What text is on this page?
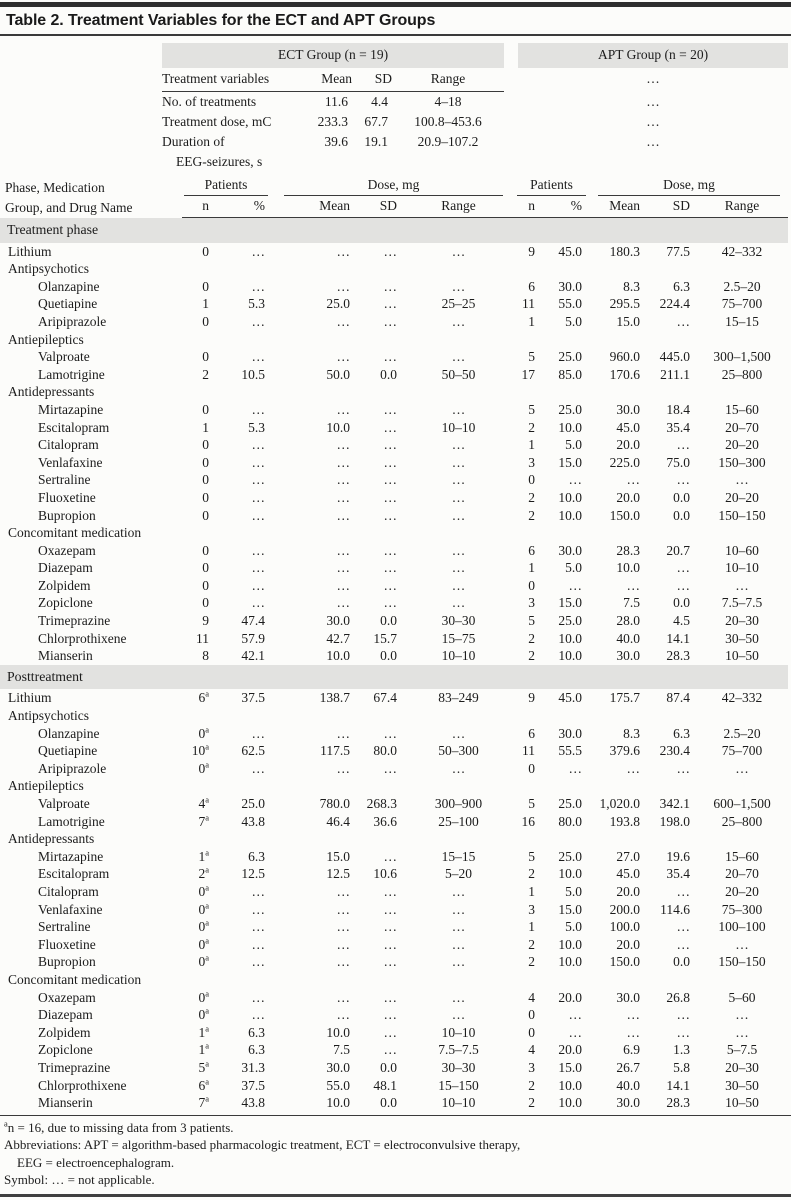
Table 2. Treatment Variables for the ECT and APT Groups
ECT Group (n = 19)					APT Group (n = 20)
Treatment variables	Mean	SD	Range		…
No. of treatments	11.6	4.4	4–18		…
Treatment dose, mC	233.3	67.7	100.8–453.6		…

Duration of
EEG-seizures, s	39.6	19.1	20.9–107.2		…
Phase, Medication
Group, and Drug Name	Patients		Dose, mg			Patients		Dose, mg		

	n	%	Mean	SD	Range	n	%	Mean	SD	Range
Treatment phase										
Lithium	0	…	…	…	…	9	45.0	180.3	77.5	42–332
Antipsychotics										
Olanzapine	0	…	…	…	…	6	30.0	8.3	6.3	2.5–20
Quetiapine	1	5.3	25.0	…	25–25	11	55.0	295.5	224.4	75–700
Aripiprazole	0	…	…	…	…	1	5.0	15.0	…	15–15
Antiepileptics										
Valproate	0	…	…	…	…	5	25.0	960.0	445.0	300–1,500
Lamotrigine	2	10.5	50.0	0.0	50–50	17	85.0	170.6	211.1	25–800
Antidepressants										
Mirtazapine	0	…	…	…	…	5	25.0	30.0	18.4	15–60
Escitalopram	1	5.3	10.0	…	10–10	2	10.0	45.0	35.4	20–70
Citalopram	0	…	…	…	…	1	5.0	20.0	…	20–20
Venlafaxine	0	…	…	…	…	3	15.0	225.0	75.0	150–300
Sertraline	0	…	…	…	…	0	…	…	…	…
Fluoxetine	0	…	…	…	…	2	10.0	20.0	0.0	20–20
Bupropion	0	…	…	…	…	2	10.0	150.0	0.0	150–150
Concomitant medication										
Oxazepam	0	…	…	…	…	6	30.0	28.3	20.7	10–60
Diazepam	0	…	…	…	…	1	5.0	10.0	…	10–10
Zolpidem	0	…	…	…	…	0	…	…	…	…
Zopiclone	0	…	…	…	…	3	15.0	7.5	0.0	7.5–7.5
Trimeprazine	9	47.4	30.0	0.0	30–30	5	25.0	28.0	4.5	20–30
Chlorprothixene	11	57.9	42.7	15.7	15–75	2	10.0	40.0	14.1	30–50
Mianserin	8	42.1	10.0	0.0	10–10	2	10.0	30.0	28.3	10–50
Posttreatment										
Lithium	6$^a$	37.5	138.7	67.4	83–249	9	45.0	175.7	87.4	42–332
Antipsychotics										
Olanzapine	0$^a$	…	…	…	…	6	30.0	8.3	6.3	2.5–20
Quetiapine	10$^a$	62.5	117.5	80.0	50–300	11	55.5	379.6	230.4	75–700
Aripiprazole	0$^a$	…	…	…	…	0	…	…	…	…
Antiepileptics										
Valproate	4$^a$	25.0	780.0	268.3	300–900	5	25.0	1,020.0	342.1	600–1,500
Lamotrigine	7$^a$	43.8	46.4	36.6	25–100	16	80.0	193.8	198.0	25–800
Antidepressants										
Mirtazapine	1$^a$	6.3	15.0	…	15–15	5	25.0	27.0	19.6	15–60
Escitalopram	2$^a$	12.5	12.5	10.6	5–20	2	10.0	45.0	35.4	20–70
Citalopram	0$^a$	…	…	…	…	1	5.0	20.0	…	20–20
Venlafaxine	0$^a$	…	…	…	…	3	15.0	200.0	114.6	75–300
Sertraline	0$^a$	…	…	…	…	1	5.0	100.0	…	100–100
Fluoxetine	0$^a$	…	…	…	…	2	10.0	20.0	…	…
Bupropion	0$^a$	…	…	…	…	2	10.0	150.0	0.0	150–150
Concomitant medication										
Oxazepam	0$^a$	…	…	…	…	4	20.0	30.0	26.8	5–60
Diazepam	0$^a$	…	…	…	…	0	…	…	…	…
Zolpidem	1$^a$	6.3	10.0	…	10–10	0	…	…	…	…
Zopiclone	1$^a$	6.3	7.5	…	7.5–7.5	4	20.0	6.9	1.3	5–7.5
Trimeprazine	5$^a$	31.3	30.0	0.0	30–30	3	15.0	26.7	5.8	20–30
Chlorprothixene	6$^a$	37.5	55.0	48.1	15–150	2	10.0	40.0	14.1	30–50
Mianserin	7$^a$	43.8	10.0	0.0	10–10	2	10.0	30.0	28.3	10–50
$^a$n = 16, due to missing data from 3 patients.
Abbreviations: APT = algorithm-based pharmacologic treatment, ECT = electroconvulsive therapy,
EEG = electroencephalogram.
Symbol: … = not applicable.
